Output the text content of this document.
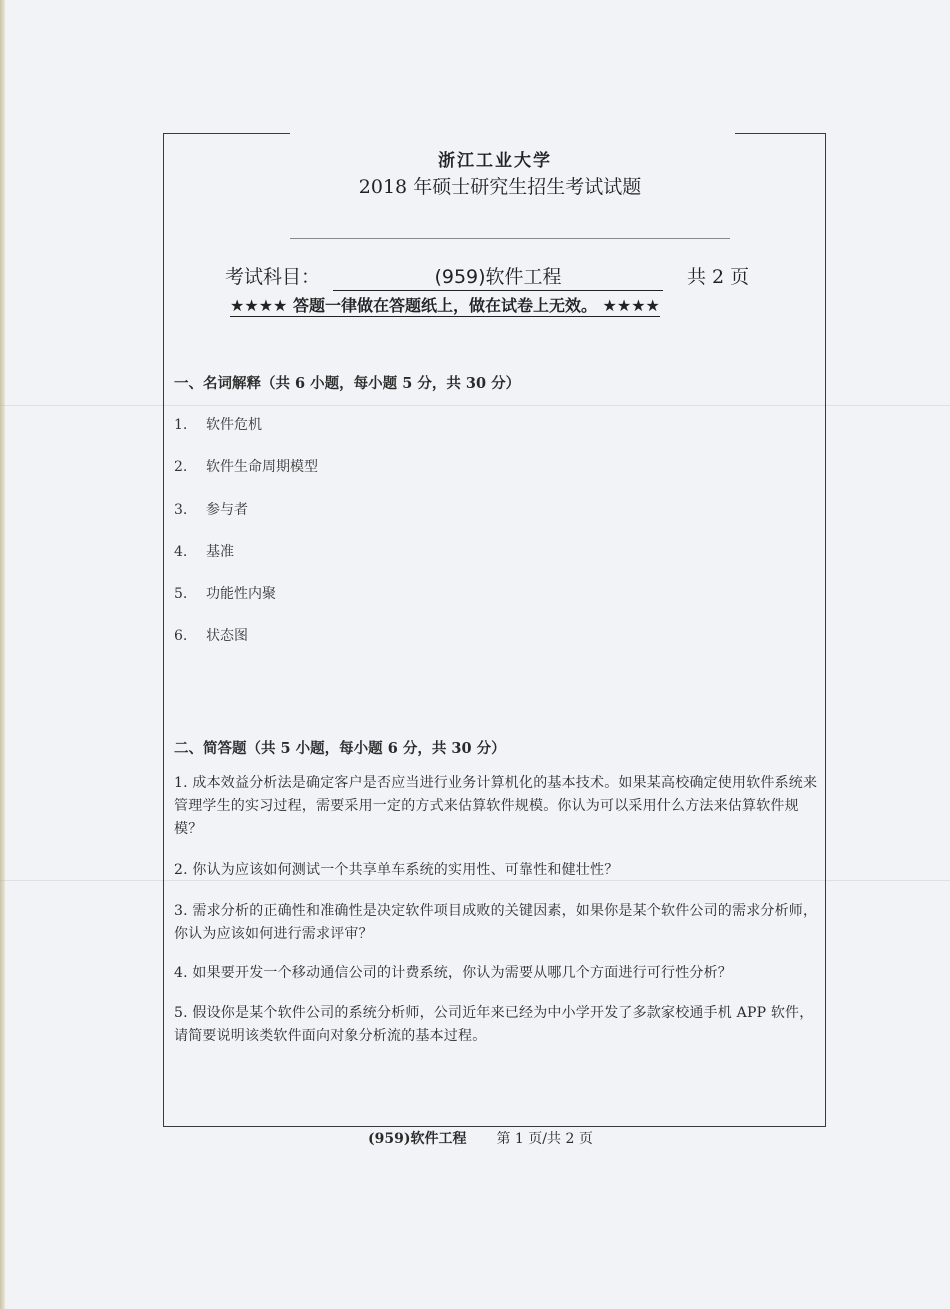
浙江工业大学
2018 年硕士研究生招生考试试题
考试科目：	(959)软件工程	共 2 页
★★★★ 答题一律做在答题纸上，做在试卷上无效。 ★★★★
一、名词解释（共 6 小题，每小题 5 分，共 30 分）
1. 软件危机
2. 软件生命周期模型
3. 参与者
4. 基准
5. 功能性内聚
6. 状态图
二、简答题（共 5 小题，每小题 6 分，共 30 分）
1. 成本效益分析法是确定客户是否应当进行业务计算机化的基本技术。如果某高校确定使用软件系统来管理学生的实习过程，需要采用一定的方式来估算软件规模。你认为可以采用什么方法来估算软件规模？
2. 你认为应该如何测试一个共享单车系统的实用性、可靠性和健壮性？
3. 需求分析的正确性和准确性是决定软件项目成败的关键因素，如果你是某个软件公司的需求分析师，你认为应该如何进行需求评审？
4. 如果要开发一个移动通信公司的计费系统，你认为需要从哪几个方面进行可行性分析？
5. 假设你是某个软件公司的系统分析师，公司近年来已经为中小学开发了多款家校通手机 APP 软件，请简要说明该类软件面向对象分析流的基本过程。
(959)软件工程 第 1 页/共 2 页
